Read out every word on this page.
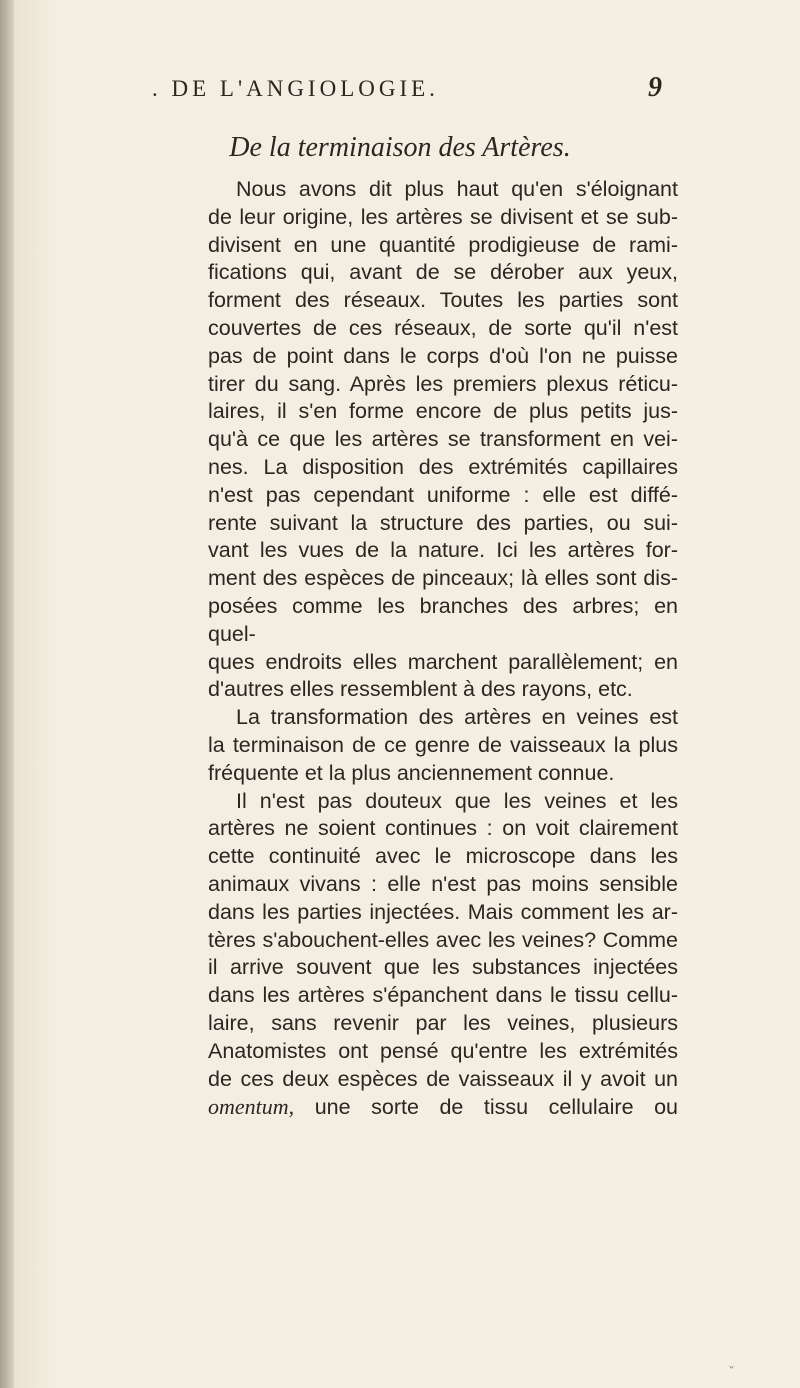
. DE L'ANGIOLOGIE.	9
De la terminaison des Artères.
Nous avons dit plus haut qu'en s'éloignant
de leur origine, les artères se divisent et se sub-
divisent en une quantité prodigieuse de rami-
fications qui, avant de se dérober aux yeux,
forment des réseaux. Toutes les parties sont
couvertes de ces réseaux, de sorte qu'il n'est
pas de point dans le corps d'où l'on ne puisse
tirer du sang. Après les premiers plexus réticu-
laires, il s'en forme encore de plus petits jus-
qu'à ce que les artères se transforment en vei-
nes. La disposition des extrémités capillaires
n'est pas cependant uniforme : elle est diffé-
rente suivant la structure des parties, ou sui-
vant les vues de la nature. Ici les artères for-
ment des espèces de pinceaux; là elles sont dis-
posées comme les branches des arbres; en quel-
ques endroits elles marchent parallèlement; en
d'autres elles ressemblent à des rayons, etc.
La transformation des artères en veines est
la terminaison de ce genre de vaisseaux la plus
fréquente et la plus anciennement connue.
Il n'est pas douteux que les veines et les
artères ne soient continues : on voit clairement
cette continuité avec le microscope dans les
animaux vivans : elle n'est pas moins sensible
dans les parties injectées. Mais comment les ar-
tères s'abouchent-elles avec les veines? Comme
il arrive souvent que les substances injectées
dans les artères s'épanchent dans le tissu cellu-
laire, sans revenir par les veines, plusieurs
Anatomistes ont pensé qu'entre les extrémités
de ces deux espèces de vaisseaux il y avoit un
omentum, une sorte de tissu cellulaire ou
ˇ
